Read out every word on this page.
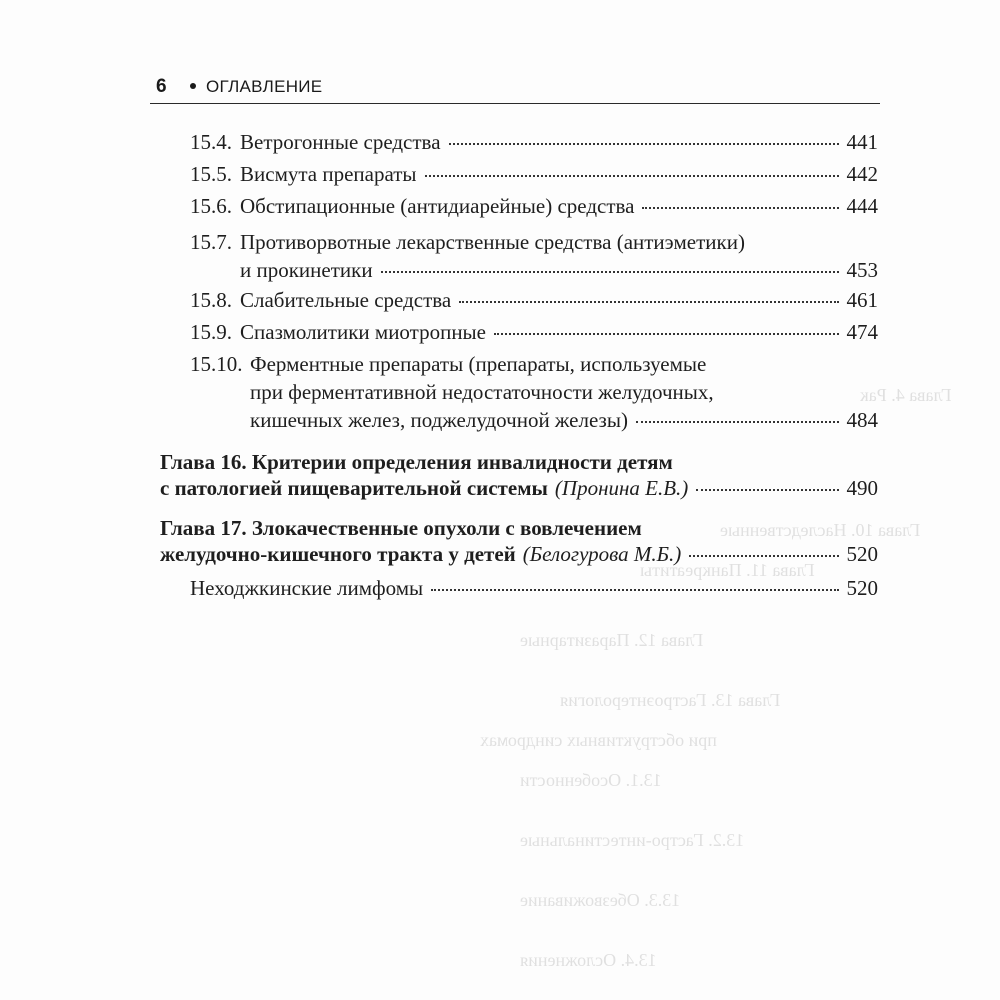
Глава 4. Рак
Глава 10. Наследственные
Глава 11. Панкреатиты
Глава 12. Паразитарные
Глава 13. Гастроэнтерология
при обструктивных синдромах
13.1. Особенности
13.2. Гастро-интестинальные
13.3. Обезвоживание
13.4. Осложнения
6 ОГЛАВЛЕНИЕ
15.4. Ветрогонные средства	441
15.5. Висмута препараты	442
15.6. Обстипационные (антидиарейные) средства	444
15.7. Противорвотные лекарственные средства (антиэметики)
и прокинетики	453
15.8. Слабительные средства	461
15.9. Спазмолитики миотропные	474
15.10. Ферментные препараты (препараты, используемые
при ферментативной недостаточности желудочных,
кишечных желез, поджелудочной железы)	484
Глава 16. Критерии определения инвалидности детям
с патологией пищеварительной системы (Пронина Е.В.)	490
Глава 17. Злокачественные опухоли с вовлечением
желудочно-кишечного тракта у детей (Белогурова М.Б.)	520
Неходжкинские лимфомы	520
